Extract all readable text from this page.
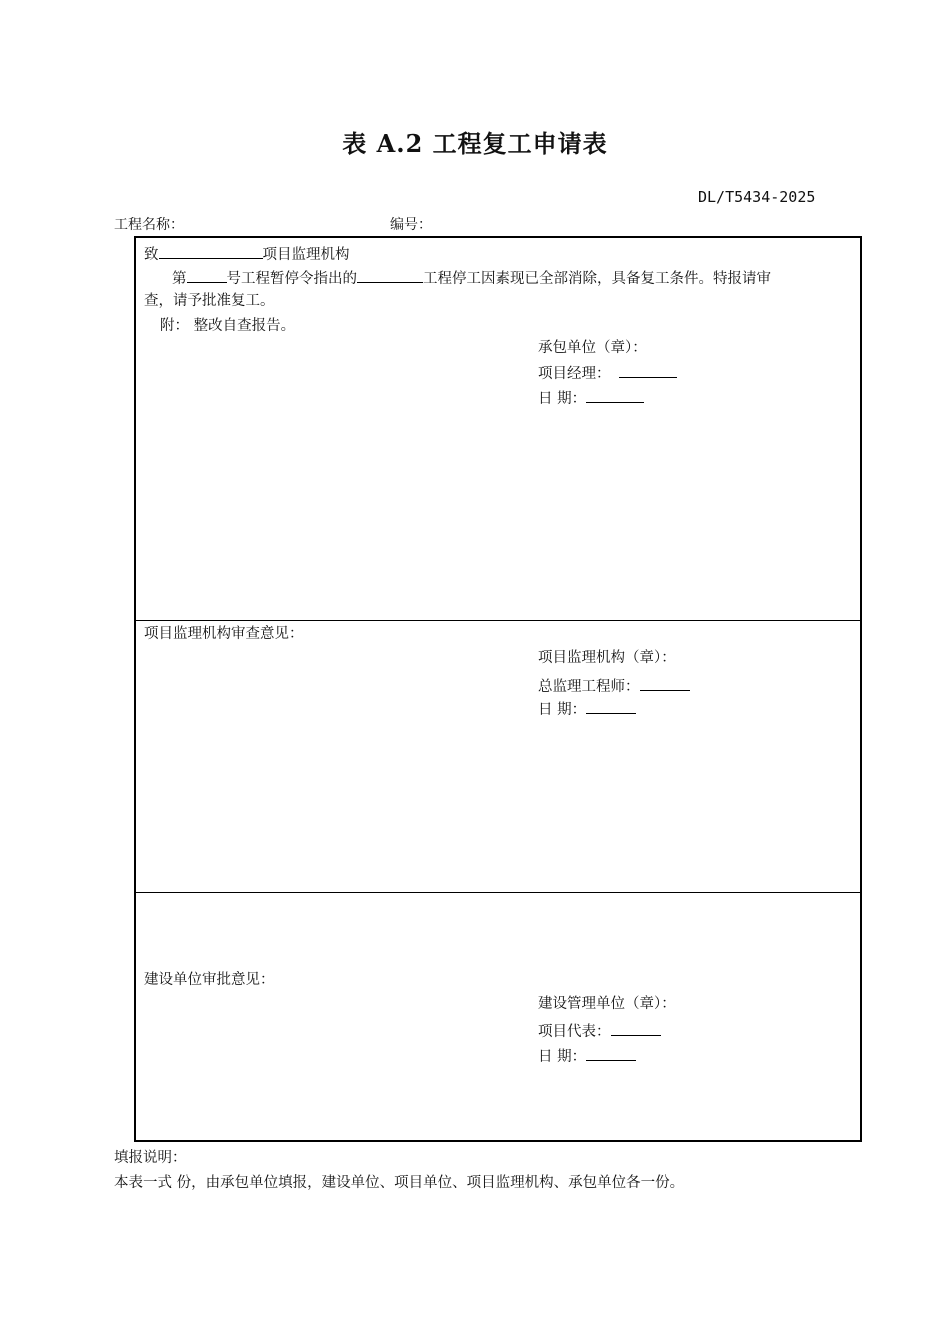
表 A.2 工程复工申请表
DL/T5434-2025
工程名称：	编号：
致	项目监理机构
第	号工程暂停令指出的	工程停工因素现已全部消除，具备复工条件。特报请审
查，请予批准复工。
附： 整改自查报告。
承包单位（章）：
项目经理：
日 期：
项目监理机构审查意见：
项目监理机构（章）：
总监理工程师：
日 期：
建设单位审批意见：
建设管理单位（章）：
项目代表：
日 期：
填报说明：
本表一式 份，由承包单位填报，建设单位、项目单位、项目监理机构、承包单位各一份。
